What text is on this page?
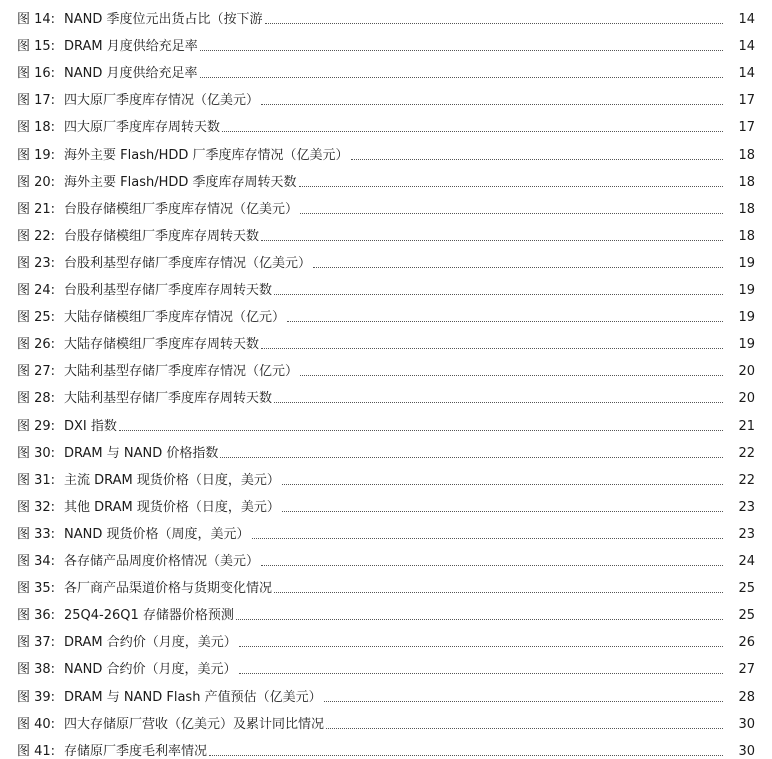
图 14: NAND 季度位元出货占比（按下游	14
图 15: DRAM 月度供给充足率	14
图 16: NAND 月度供给充足率	14
图 17: 四大原厂季度库存情况（亿美元）	17
图 18: 四大原厂季度库存周转天数	17
图 19: 海外主要 Flash/HDD 厂季度库存情况（亿美元）	18
图 20: 海外主要 Flash/HDD 季度库存周转天数	18
图 21: 台股存储模组厂季度库存情况（亿美元）	18
图 22: 台股存储模组厂季度库存周转天数	18
图 23: 台股利基型存储厂季度库存情况（亿美元）	19
图 24: 台股利基型存储厂季度库存周转天数	19
图 25: 大陆存储模组厂季度库存情况（亿元）	19
图 26: 大陆存储模组厂季度库存周转天数	19
图 27: 大陆利基型存储厂季度库存情况（亿元）	20
图 28: 大陆利基型存储厂季度库存周转天数	20
图 29: DXI 指数	21
图 30: DRAM 与 NAND 价格指数	22
图 31: 主流 DRAM 现货价格（日度，美元）	22
图 32: 其他 DRAM 现货价格（日度，美元）	23
图 33: NAND 现货价格（周度，美元）	23
图 34: 各存储产品周度价格情况（美元）	24
图 35: 各厂商产品渠道价格与货期变化情况	25
图 36: 25Q4-26Q1 存储器价格预测	25
图 37: DRAM 合约价（月度，美元）	26
图 38: NAND 合约价（月度，美元）	27
图 39: DRAM 与 NAND Flash 产值预估（亿美元）	28
图 40: 四大存储原厂营收（亿美元）及累计同比情况	30
图 41: 存储原厂季度毛利率情况	30
